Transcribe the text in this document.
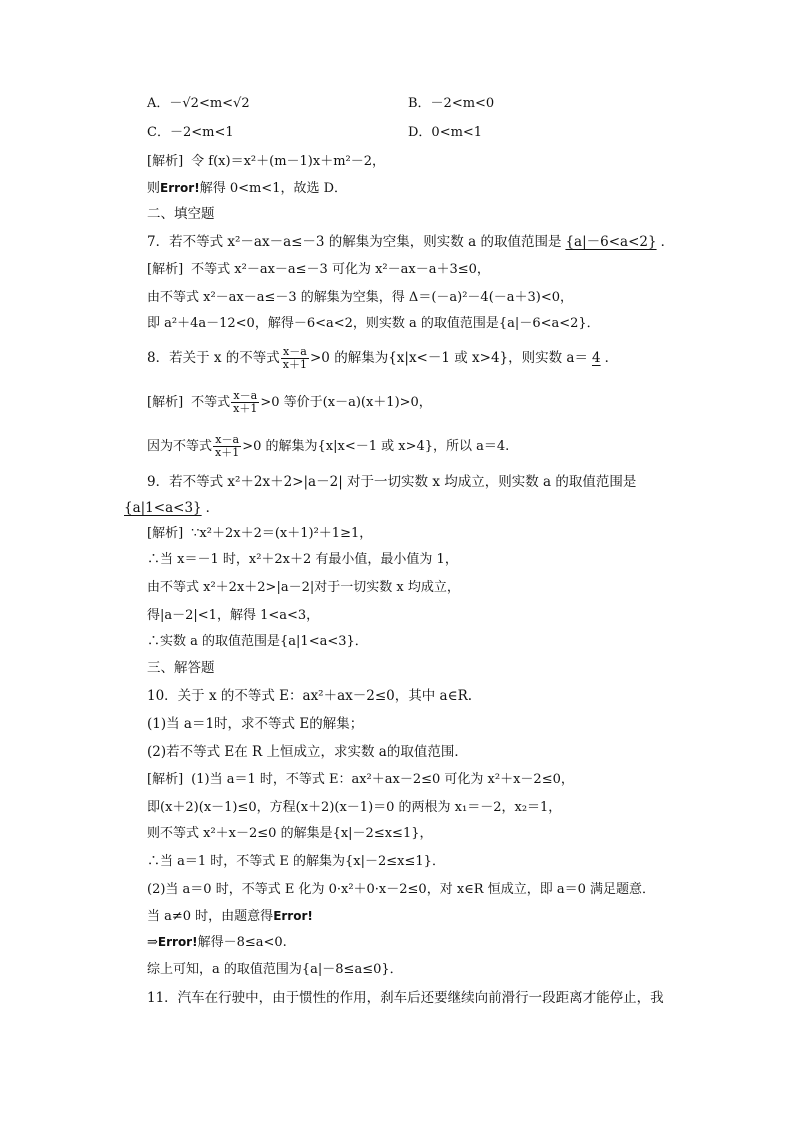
A．－√2<m<√2	B．－2<m<0
C．－2<m<1	D．0<m<1
[解析] 令 f(x)＝x²＋(m－1)x＋m²－2，
则Error!解得 0<m<1，故选 D．
二、填空题
7．若不等式 x²－ax－a≤－3 的解集为空集，则实数 a 的取值范围是 {a|－6<a<2} ．
[解析] 不等式 x²－ax－a≤－3 可化为 x²－ax－a＋3≤0，
由不等式 x²－ax－a≤－3 的解集为空集，得 Δ＝(－a)²－4(－a＋3)<0，
即 a²＋4a－12<0，解得－6<a<2，则实数 a 的取值范围是{a|－6<a<2}．
8．若关于 x 的不等式 $\frac{x-a}{x+1} >0$ 的解集为{x|x<－1 或 x>4}，则实数 a＝ 4 ．
[解析] 不等式 $\frac{x-a}{x+1} >0$ 等价于(x－a)(x＋1)>0，
因为不等式 $\frac{x-a}{x+1} >0$ 的解集为{x|x<－1 或 x>4}，所以 a＝4.
9．若不等式 x²＋2x＋2>|a－2| 对于一切实数 x 均成立，则实数 a 的取值范围是
{a|1<a<3} ．
[解析] ∵x²＋2x＋2＝(x＋1)²＋1≥1，
∴当 x＝－1 时，x²＋2x＋2 有最小值，最小值为 1，
由不等式 x²＋2x＋2>|a－2|对于一切实数 x 均成立，
得|a－2|<1，解得 1<a<3，
∴实数 a 的取值范围是{a|1<a<3}．
三、解答题
10．关于 x 的不等式 E：ax²＋ax－2≤0，其中 a∈R.
(1)当 a＝1时，求不等式 E的解集；
(2)若不等式 E在 R 上恒成立，求实数 a的取值范围．
[解析] (1)当 a＝1 时，不等式 E：ax²＋ax－2≤0 可化为 x²＋x－2≤0，
即(x＋2)(x－1)≤0，方程(x＋2)(x－1)＝0 的两根为 x₁＝－2，x₂＝1，
则不等式 x²＋x－2≤0 的解集是{x|－2≤x≤1}，
∴当 a＝1 时，不等式 E 的解集为{x|－2≤x≤1}．
(2)当 a＝0 时，不等式 E 化为 0·x²＋0·x－2≤0，对 x∈R 恒成立，即 a＝0 满足题意．
当 a≠0 时，由题意得Error!
⇒Error!解得－8≤a<0.
综上可知，a 的取值范围为{a|－8≤a≤0}．
11．汽车在行驶中，由于惯性的作用，刹车后还要继续向前滑行一段距离才能停止，我
